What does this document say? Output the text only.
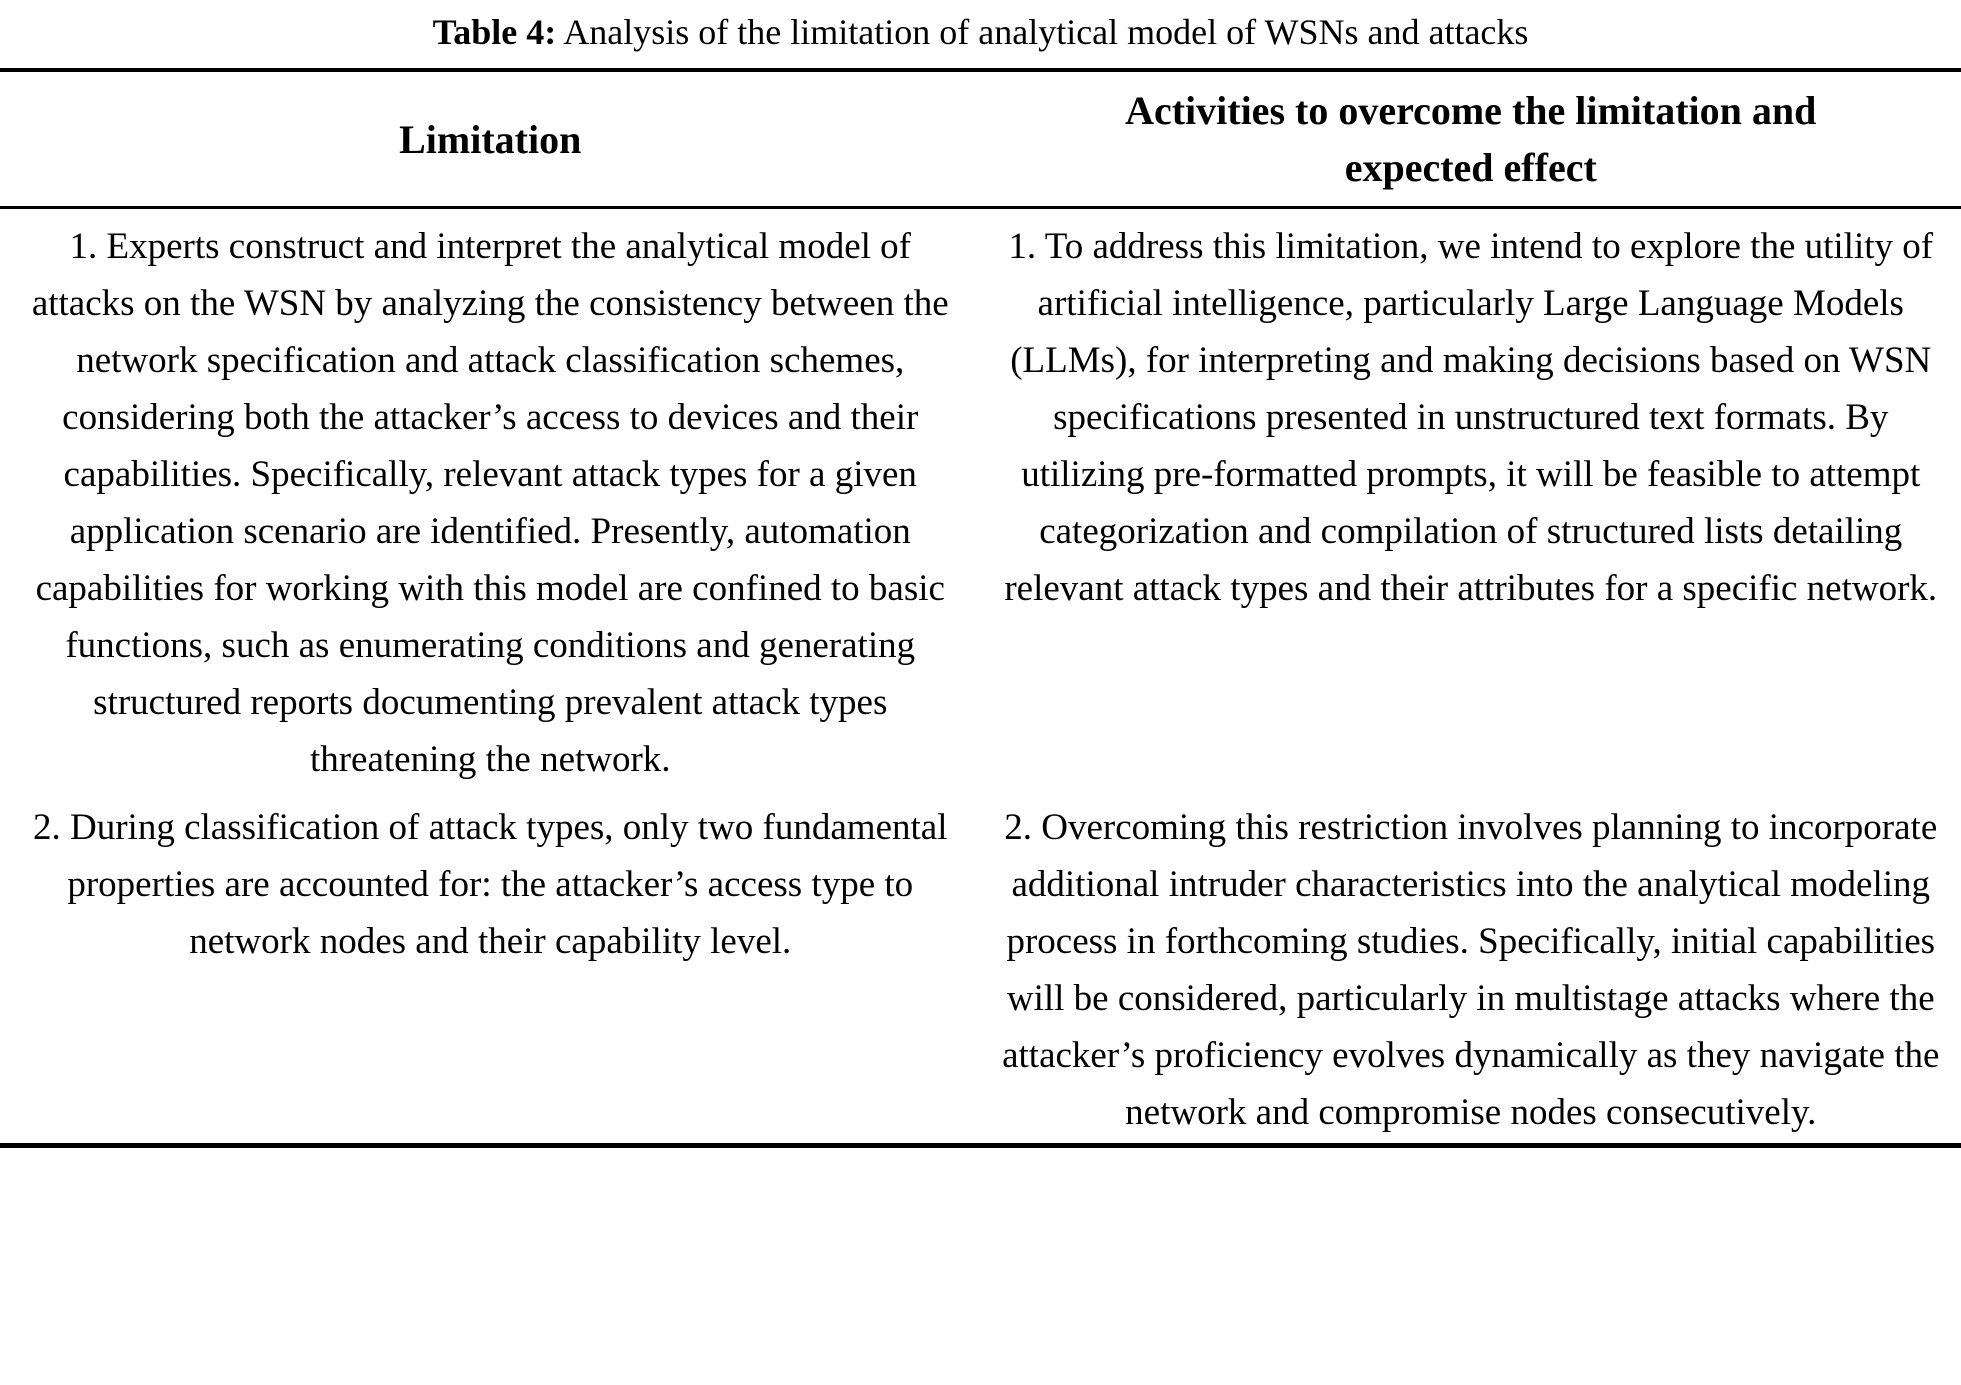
Table 4: Analysis of the limitation of analytical model of WSNs and attacks
Limitation	Activities to overcome the limitation and expected effect
1. Experts construct and interpret the analytical model of attacks on the WSN by analyzing the consistency between the network specification and attack classification schemes, considering both the attacker’s access to devices and their capabilities. Specifically, relevant attack types for a given application scenario are identified. Presently, automation capabilities for working with this model are confined to basic functions, such as enumerating conditions and generating structured reports documenting prevalent attack types threatening the network.	1. To address this limitation, we intend to explore the utility of artificial intelligence, particularly Large Language Models (LLMs), for interpreting and making decisions based on WSN specifications presented in unstructured text formats. By utilizing pre-formatted prompts, it will be feasible to attempt categorization and compilation of structured lists detailing relevant attack types and their attributes for a specific network.
2. During classification of attack types, only two fundamental properties are accounted for: the attacker’s access type to network nodes and their capability level.	2. Overcoming this restriction involves planning to incorporate additional intruder characteristics into the analytical modeling process in forthcoming studies. Specifically, initial capabilities will be considered, particularly in multistage attacks where the attacker’s proficiency evolves dynamically as they navigate the network and compromise nodes consecutively.
